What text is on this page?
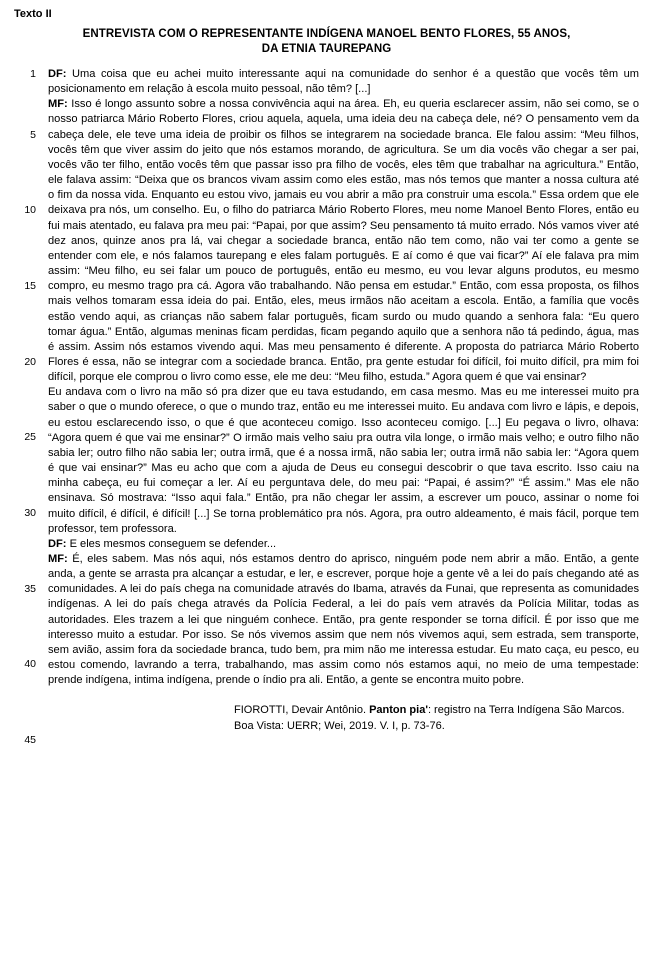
Texto II
ENTREVISTA COM O REPRESENTANTE INDÍGENA MANOEL BENTO FLORES, 55 ANOS,
DA ETNIA TAUREPANG
1
5
10
15
20
25
30
35
40
45

DF: Uma coisa que eu achei muito interessante aqui na comunidade do senhor é a questão que vocês têm um posicionamento em relação à escola muito pessoal, não têm? [...]

MF: Isso é longo assunto sobre a nossa convivência aqui na área. Eh, eu queria esclarecer assim, não sei como, se o nosso patriarca Mário Roberto Flores, criou aquela, aquela, uma ideia deu na cabeça dele, né? O pensamento vem da cabeça dele, ele teve uma ideia de proibir os filhos se integrarem na sociedade branca. Ele falou assim: “Meu filhos, vocês têm que viver assim do jeito que nós estamos morando, de agricultura. Se um dia vocês vão chegar a ser pai, vocês vão ter filho, então vocês têm que passar isso pra filho de vocês, eles têm que trabalhar na agricultura.” Então, ele falava assim: “Deixa que os brancos vivam assim como eles estão, mas nós temos que manter a nossa cultura até o fim da nossa vida. Enquanto eu estou vivo, jamais eu vou abrir a mão pra construir uma escola.” Essa ordem que ele deixava pra nós, um conselho. Eu, o filho do patriarca Mário Roberto Flores, meu nome Manoel Bento Flores, então eu fui mais atentado, eu falava pra meu pai: “Papai, por que assim? Seu pensamento tá muito errado. Nós vamos viver até dez anos, quinze anos pra lá, vai chegar a sociedade branca, então não tem como, não vai ter como a gente se entender com ele, e nós falamos taurepang e eles falam português. E aí como é que vai ficar?” Aí ele falava pra mim assim: “Meu filho, eu sei falar um pouco de português, então eu mesmo, eu vou levar alguns produtos, eu mesmo compro, eu mesmo trago pra cá. Agora vão trabalhando. Não pensa em estudar.” Então, com essa proposta, os filhos mais velhos tomaram essa ideia do pai. Então, eles, meus irmãos não aceitam a escola. Então, a família que vocês estão vendo aqui, as crianças não sabem falar português, ficam surdo ou mudo quando a senhora fala: “Eu quero tomar água.” Então, algumas meninas ficam perdidas, ficam pegando aquilo que a senhora não tá pedindo, água, mas é assim. Assim nós estamos vivendo aqui. Mas meu pensamento é diferente. A proposta do patriarca Mário Roberto Flores é essa, não se integrar com a sociedade branca. Então, pra gente estudar foi difícil, foi muito difícil, pra mim foi difícil, porque ele comprou o livro como esse, ele me deu: “Meu filho, estuda.” Agora quem é que vai ensinar?

Eu andava com o livro na mão só pra dizer que eu tava estudando, em casa mesmo. Mas eu me interessei muito pra saber o que o mundo oferece, o que o mundo traz, então eu me interessei muito. Eu andava com livro e lápis, e depois, eu estou esclarecendo isso, o que é que aconteceu comigo. Isso aconteceu comigo. [...] Eu pegava o livro, olhava: “Agora quem é que vai me ensinar?” O irmão mais velho saiu pra outra vila longe, o irmão mais velho; e outro filho não sabia ler; outro filho não sabia ler; outra irmã, que é a nossa irmã, não sabia ler; outra irmã não sabia ler: “Agora quem é que vai ensinar?” Mas eu acho que com a ajuda de Deus eu consegui descobrir o que tava escrito. Isso caiu na minha cabeça, eu fui começar a ler. Aí eu perguntava dele, do meu pai: “Papai, é assim?” “É assim.” Mas ele não ensinava. Só mostrava: “Isso aqui fala.” Então, pra não chegar ler assim, a escrever um pouco, assinar o nome foi muito difícil, é difícil, é difícil! [...] Se torna problemático pra nós. Agora, pra outro aldeamento, é mais fácil, porque tem professor, tem professora.

DF: E eles mesmos conseguem se defender...

MF: É, eles sabem. Mas nós aqui, nós estamos dentro do aprisco, ninguém pode nem abrir a mão. Então, a gente anda, a gente se arrasta pra alcançar a estudar, e ler, e escrever, porque hoje a gente vê a lei do país chegando até as comunidades. A lei do país chega na comunidade através do Ibama, através da Funai, que representa as comunidades indígenas. A lei do país chega através da Polícia Federal, a lei do país vem através da Polícia Militar, todas as autoridades. Eles trazem a lei que ninguém conhece. Então, pra gente responder se torna difícil. É por isso que me interesso muito a estudar. Por isso. Se nós vivemos assim que nem nós vivemos aqui, sem estrada, sem transporte, sem avião, assim fora da sociedade branca, tudo bem, pra mim não me interessa estudar. Eu mato caça, eu pesco, eu estou comendo, lavrando a terra, trabalhando, mas assim como nós estamos aqui, no meio de uma tempestade: prende indígena, intima indígena, prende o índio pra ali. Então, a gente se encontra muito pobre.

FIOROTTI, Devair Antônio. Panton pia': registro na Terra Indígena São Marcos.
Boa Vista: UERR; Wei, 2019. V. I, p. 73-76.
